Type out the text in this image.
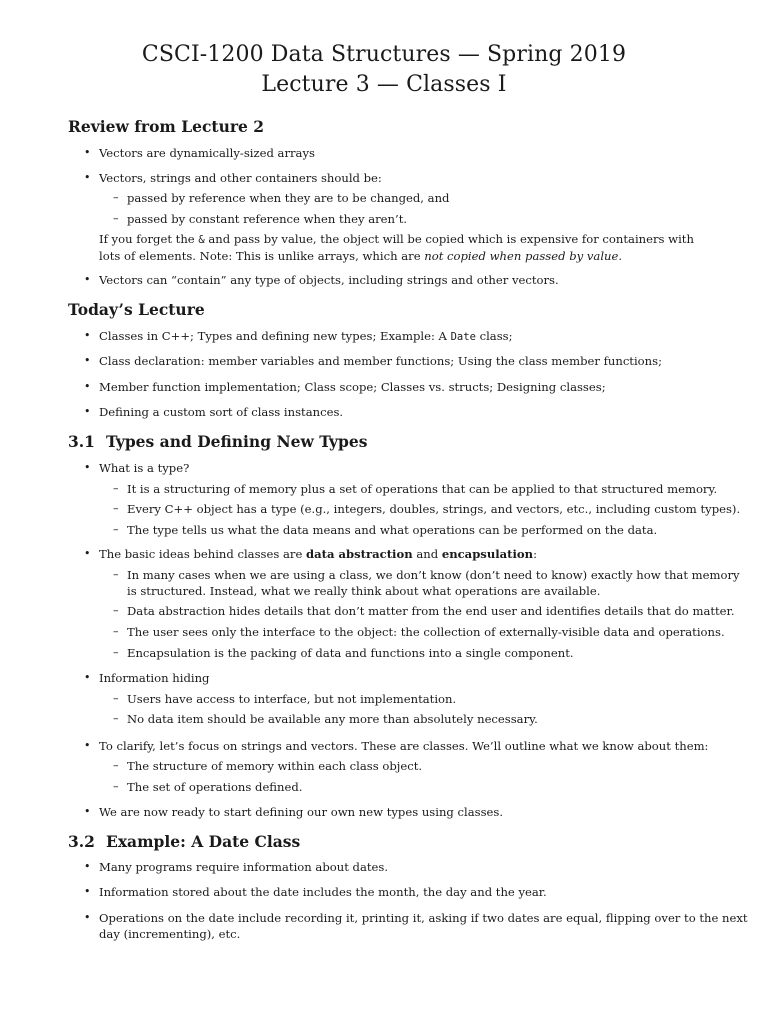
CSCI-1200 Data Structures — Spring 2019
Lecture 3 — Classes I
Review from Lecture 2
• Vectors are dynamically-sized arrays
• Vectors, strings and other containers should be:
– passed by reference when they are to be changed, and
– passed by constant reference when they aren’t.
If you forget the & and pass by value, the object will be copied which is expensive for containers with lots of elements. Note: This is unlike arrays, which are not copied when passed by value.
• Vectors can “contain” any type of objects, including strings and other vectors.
Today’s Lecture
• Classes in C++; Types and defining new types; Example: A Date class;
• Class declaration: member variables and member functions; Using the class member functions;
• Member function implementation; Class scope; Classes vs. structs; Designing classes;
• Defining a custom sort of class instances.
3.1 Types and Defining New Types
• What is a type?
– It is a structuring of memory plus a set of operations that can be applied to that structured memory.
– Every C++ object has a type (e.g., integers, doubles, strings, and vectors, etc., including custom types).
– The type tells us what the data means and what operations can be performed on the data.
• The basic ideas behind classes are data abstraction and encapsulation:
– In many cases when we are using a class, we don’t know (don’t need to know) exactly how that memory
is structured. Instead, what we really think about what operations are available.
– Data abstraction hides details that don’t matter from the end user and identifies details that do matter.
– The user sees only the interface to the object: the collection of externally-visible data and operations.
– Encapsulation is the packing of data and functions into a single component.
• Information hiding
– Users have access to interface, but not implementation.
– No data item should be available any more than absolutely necessary.
• To clarify, let’s focus on strings and vectors. These are classes. We’ll outline what we know about them:
– The structure of memory within each class object.
– The set of operations defined.
• We are now ready to start defining our own new types using classes.
3.2 Example: A Date Class
• Many programs require information about dates.
• Information stored about the date includes the month, the day and the year.
• Operations on the date include recording it, printing it, asking if two dates are equal, flipping over to the next
day (incrementing), etc.
